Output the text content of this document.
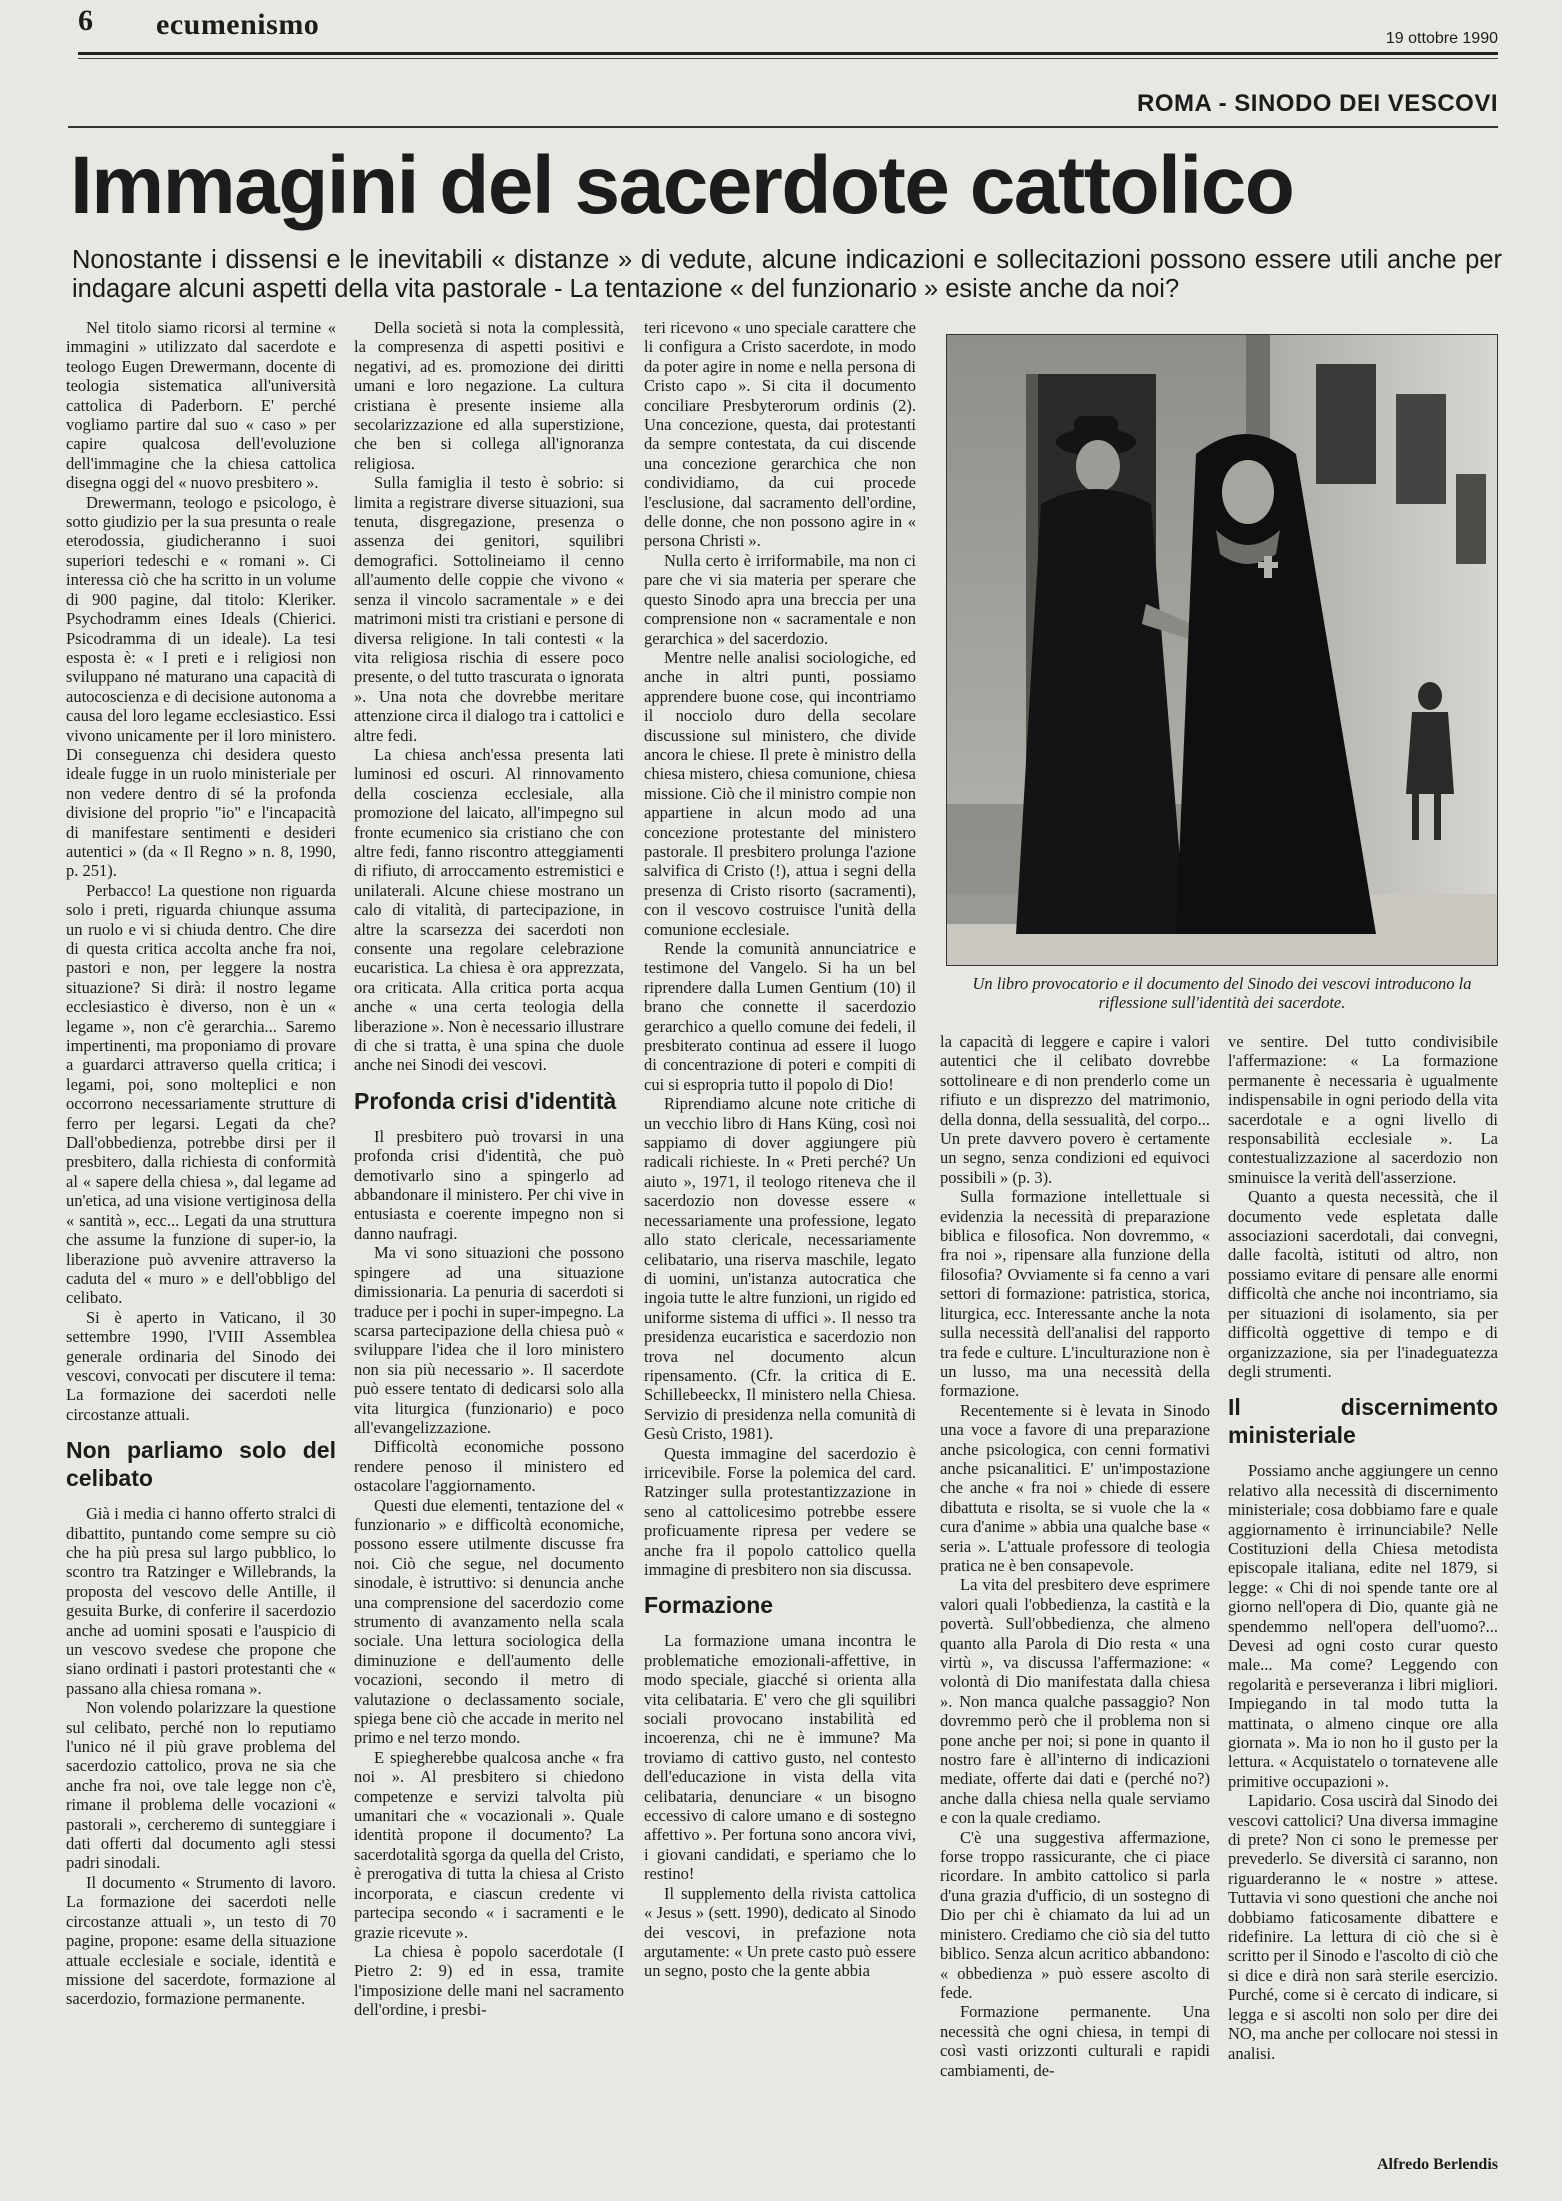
6 ecumenismo	19 ottobre 1990
ROMA - SINODO DEI VESCOVI
Immagini del sacerdote cattolico

Nonostante i dissensi e le inevitabili « distanze » di vedute, alcune indicazioni e sollecitazioni possono essere utili anche per indagare alcuni aspetti della vita pastorale - La tentazione « del funzionario » esiste anche da noi?

Nel titolo siamo ricorsi al termine « immagini » utilizzato dal sacerdote e teologo Eugen Drewermann, docente di teologia sistematica all'università cattolica di Paderborn. E' perché vogliamo partire dal suo « caso » per capire qualcosa dell'evoluzione dell'immagine che la chiesa cattolica disegna oggi del « nuovo presbitero ».

Drewermann, teologo e psicologo, è sotto giudizio per la sua presunta o reale eterodossia, giudicheranno i suoi superiori tedeschi e « romani ». Ci interessa ciò che ha scritto in un volume di 900 pagine, dal titolo: Kleriker. Psychodramm eines Ideals (Chierici. Psicodramma di un ideale). La tesi esposta è: « I preti e i religiosi non sviluppano né maturano una capacità di autocoscienza e di decisione autonoma a causa del loro legame ecclesiastico. Essi vivono unicamente per il loro ministero. Di conseguenza chi desidera questo ideale fugge in un ruolo ministeriale per non vedere dentro di sé la profonda divisione del proprio "io" e l'incapacità di manifestare sentimenti e desideri autentici » (da « Il Regno » n. 8, 1990, p. 251).

Perbacco! La questione non riguarda solo i preti, riguarda chiunque assuma un ruolo e vi si chiuda dentro. Che dire di questa critica accolta anche fra noi, pastori e non, per leggere la nostra situazione? Si dirà: il nostro legame ecclesiastico è diverso, non è un « legame », non c'è gerarchia... Saremo impertinenti, ma proponiamo di provare a guardarci attraverso quella critica; i legami, poi, sono molteplici e non occorrono necessariamente strutture di ferro per legarsi. Legati da che? Dall'obbedienza, potrebbe dirsi per il presbitero, dalla richiesta di conformità al « sapere della chiesa », dal legame ad un'etica, ad una visione vertiginosa della « santità », ecc... Legati da una struttura che assume la funzione di super-io, la liberazione può avvenire attraverso la caduta del « muro » e dell'obbligo del celibato.

Si è aperto in Vaticano, il 30 settembre 1990, l'VIII Assemblea generale ordinaria del Sinodo dei vescovi, convocati per discutere il tema: La formazione dei sacerdoti nelle circostanze attuali.

Non parliamo solo del celibato

Già i media ci hanno offerto stralci di dibattito, puntando come sempre su ciò che ha più presa sul largo pubblico, lo scontro tra Ratzinger e Willebrands, la proposta del vescovo delle Antille, il gesuita Burke, di conferire il sacerdozio anche ad uomini sposati e l'auspicio di un vescovo svedese che propone che siano ordinati i pastori protestanti che « passano alla chiesa romana ».

Non volendo polarizzare la questione sul celibato, perché non lo reputiamo l'unico né il più grave problema del sacerdozio cattolico, prova ne sia che anche fra noi, ove tale legge non c'è, rimane il problema delle vocazioni « pastorali », cercheremo di sunteggiare i dati offerti dal documento agli stessi padri sinodali.

Il documento « Strumento di lavoro. La formazione dei sacerdoti nelle circostanze attuali », un testo di 70 pagine, propone: esame della situazione attuale ecclesiale e sociale, identità e missione del sacerdote, formazione al sacerdozio, formazione permanente.

Della società si nota la complessità, la compresenza di aspetti positivi e negativi, ad es. promozione dei diritti umani e loro negazione. La cultura cristiana è presente insieme alla secolarizzazione ed alla superstizione, che ben si collega all'ignoranza religiosa.

Sulla famiglia il testo è sobrio: si limita a registrare diverse situazioni, sua tenuta, disgregazione, presenza o assenza dei genitori, squilibri demografici. Sottolineiamo il cenno all'aumento delle coppie che vivono « senza il vincolo sacramentale » e dei matrimoni misti tra cristiani e persone di diversa religione. In tali contesti « la vita religiosa rischia di essere poco presente, o del tutto trascurata o ignorata ». Una nota che dovrebbe meritare attenzione circa il dialogo tra i cattolici e altre fedi.

La chiesa anch'essa presenta lati luminosi ed oscuri. Al rinnovamento della coscienza ecclesiale, alla promozione del laicato, all'impegno sul fronte ecumenico sia cristiano che con altre fedi, fanno riscontro atteggiamenti di rifiuto, di arroccamento estremistici e unilaterali. Alcune chiese mostrano un calo di vitalità, di partecipazione, in altre la scarsezza dei sacerdoti non consente una regolare celebrazione eucaristica. La chiesa è ora apprezzata, ora criticata. Alla critica porta acqua anche « una certa teologia della liberazione ». Non è necessario illustrare di che si tratta, è una spina che duole anche nei Sinodi dei vescovi.

Profonda crisi d'identità

Il presbitero può trovarsi in una profonda crisi d'identità, che può demotivarlo sino a spingerlo ad abbandonare il ministero. Per chi vive in entusiasta e coerente impegno non si danno naufragi.

Ma vi sono situazioni che possono spingere ad una situazione dimissionaria. La penuria di sacerdoti si traduce per i pochi in super-impegno. La scarsa partecipazione della chiesa può « sviluppare l'idea che il loro ministero non sia più necessario ». Il sacerdote può essere tentato di dedicarsi solo alla vita liturgica (funzionario) e poco all'evangelizzazione.

Difficoltà economiche possono rendere penoso il ministero ed ostacolare l'aggiornamento.

Questi due elementi, tentazione del « funzionario » e difficoltà economiche, possono essere utilmente discusse fra noi. Ciò che segue, nel documento sinodale, è istruttivo: si denuncia anche una comprensione del sacerdozio come strumento di avanzamento nella scala sociale. Una lettura sociologica della diminuzione e dell'aumento delle vocazioni, secondo il metro di valutazione o declassamento sociale, spiega bene ciò che accade in merito nel primo e nel terzo mondo.

E spiegherebbe qualcosa anche « fra noi ». Al presbitero si chiedono competenze e servizi talvolta più umanitari che « vocazionali ». Quale identità propone il documento? La sacerdotalità sgorga da quella del Cristo, è prerogativa di tutta la chiesa al Cristo incorporata, e ciascun credente vi partecipa secondo « i sacramenti e le grazie ricevute ».

La chiesa è popolo sacerdotale (I Pietro 2: 9) ed in essa, tramite l'imposizione delle mani nel sacramento dell'ordine, i presbi-

teri ricevono « uno speciale carattere che li configura a Cristo sacerdote, in modo da poter agire in nome e nella persona di Cristo capo ». Si cita il documento conciliare Presbyterorum ordinis (2). Una concezione, questa, dai protestanti da sempre contestata, da cui discende una concezione gerarchica che non condividiamo, da cui procede l'esclusione, dal sacramento dell'ordine, delle donne, che non possono agire in « persona Christi ».

Nulla certo è irriformabile, ma non ci pare che vi sia materia per sperare che questo Sinodo apra una breccia per una comprensione non « sacramentale e non gerarchica » del sacerdozio.

Mentre nelle analisi sociologiche, ed anche in altri punti, possiamo apprendere buone cose, qui incontriamo il nocciolo duro della secolare discussione sul ministero, che divide ancora le chiese. Il prete è ministro della chiesa mistero, chiesa comunione, chiesa missione. Ciò che il ministro compie non appartiene in alcun modo ad una concezione protestante del ministero pastorale. Il presbitero prolunga l'azione salvifica di Cristo (!), attua i segni della presenza di Cristo risorto (sacramenti), con il vescovo costruisce l'unità della comunione ecclesiale.

Rende la comunità annunciatrice e testimone del Vangelo. Si ha un bel riprendere dalla Lumen Gentium (10) il brano che connette il sacerdozio gerarchico a quello comune dei fedeli, il presbiterato continua ad essere il luogo di concentrazione di poteri e compiti di cui si espropria tutto il popolo di Dio!

Riprendiamo alcune note critiche di un vecchio libro di Hans Küng, così noi sappiamo di dover aggiungere più radicali richieste. In « Preti perché? Un aiuto », 1971, il teologo riteneva che il sacerdozio non dovesse essere « necessariamente una professione, legato allo stato clericale, necessariamente celibatario, una riserva maschile, legato di uomini, un'istanza autocratica che ingoia tutte le altre funzioni, un rigido ed uniforme sistema di uffici ». Il nesso tra presidenza eucaristica e sacerdozio non trova nel documento alcun ripensamento. (Cfr. la critica di E. Schillebeeckx, Il ministero nella Chiesa. Servizio di presidenza nella comunità di Gesù Cristo, 1981).

Questa immagine del sacerdozio è irricevibile. Forse la polemica del card. Ratzinger sulla protestantizzazione in seno al cattolicesimo potrebbe essere proficuamente ripresa per vedere se anche fra il popolo cattolico quella immagine di presbitero non sia discussa.

Formazione

La formazione umana incontra le problematiche emozionali-affettive, in modo speciale, giacché si orienta alla vita celibataria. E' vero che gli squilibri sociali provocano instabilità ed incoerenza, chi ne è immune? Ma troviamo di cattivo gusto, nel contesto dell'educazione in vista della vita celibataria, denunciare « un bisogno eccessivo di calore umano e di sostegno affettivo ». Per fortuna sono ancora vivi, i giovani candidati, e speriamo che lo restino!

Il supplemento della rivista cattolica « Jesus » (sett. 1990), dedicato al Sinodo dei vescovi, in prefazione nota argutamente: « Un prete casto può essere un segno, posto che la gente abbia

Un libro provocatorio e il documento del Sinodo dei vescovi introducono la riflessione sull'identità dei sacerdote.

la capacità di leggere e capire i valori autentici che il celibato dovrebbe sottolineare e di non prenderlo come un rifiuto e un disprezzo del matrimonio, della donna, della sessualità, del corpo... Un prete davvero povero è certamente un segno, senza condizioni ed equivoci possibili » (p. 3).

Sulla formazione intellettuale si evidenzia la necessità di preparazione biblica e filosofica. Non dovremmo, « fra noi », ripensare alla funzione della filosofia? Ovviamente si fa cenno a vari settori di formazione: patristica, storica, liturgica, ecc. Interessante anche la nota sulla necessità dell'analisi del rapporto tra fede e culture. L'inculturazione non è un lusso, ma una necessità della formazione.

Recentemente si è levata in Sinodo una voce a favore di una preparazione anche psicologica, con cenni formativi anche psicanalitici. E' un'impostazione che anche « fra noi » chiede di essere dibattuta e risolta, se si vuole che la « cura d'anime » abbia una qualche base « seria ». L'attuale professore di teologia pratica ne è ben consapevole.

La vita del presbitero deve esprimere valori quali l'obbedienza, la castità e la povertà. Sull'obbedienza, che almeno quanto alla Parola di Dio resta « una virtù », va discussa l'affermazione: « volontà di Dio manifestata dalla chiesa ». Non manca qualche passaggio? Non dovremmo però che il problema non si pone anche per noi; si pone in quanto il nostro fare è all'interno di indicazioni mediate, offerte dai dati e (perché no?) anche dalla chiesa nella quale serviamo e con la quale crediamo.

C'è una suggestiva affermazione, forse troppo rassicurante, che ci piace ricordare. In ambito cattolico si parla d'una grazia d'ufficio, di un sostegno di Dio per chi è chiamato da lui ad un ministero. Crediamo che ciò sia del tutto biblico. Senza alcun acritico abbandono: « obbedienza » può essere ascolto di fede.

Formazione permanente. Una necessità che ogni chiesa, in tempi di così vasti orizzonti culturali e rapidi cambiamenti, de-

ve sentire. Del tutto condivisibile l'affermazione: « La formazione permanente è necessaria è ugualmente indispensabile in ogni periodo della vita sacerdotale e a ogni livello di responsabilità ecclesiale ». La contestualizzazione al sacerdozio non sminuisce la verità dell'asserzione.

Quanto a questa necessità, che il documento vede espletata dalle associazioni sacerdotali, dai convegni, dalle facoltà, istituti od altro, non possiamo evitare di pensare alle enormi difficoltà che anche noi incontriamo, sia per situazioni di isolamento, sia per difficoltà oggettive di tempo e di organizzazione, sia per l'inadeguatezza degli strumenti.

Il discernimento ministeriale

Possiamo anche aggiungere un cenno relativo alla necessità di discernimento ministeriale; cosa dobbiamo fare e quale aggiornamento è irrinunciabile? Nelle Costituzioni della Chiesa metodista episcopale italiana, edite nel 1879, si legge: « Chi di noi spende tante ore al giorno nell'opera di Dio, quante già ne spendemmo nell'opera dell'uomo?... Devesi ad ogni costo curar questo male... Ma come? Leggendo con regolarità e perseveranza i libri migliori. Impiegando in tal modo tutta la mattinata, o almeno cinque ore alla giornata ». Ma io non ho il gusto per la lettura. « Acquistatelo o tornatevene alle primitive occupazioni ».

Lapidario. Cosa uscirà dal Sinodo dei vescovi cattolici? Una diversa immagine di prete? Non ci sono le premesse per prevederlo. Se diversità ci saranno, non riguarderanno le « nostre » attese. Tuttavia vi sono questioni che anche noi dobbiamo faticosamente dibattere e ridefinire. La lettura di ciò che si è scritto per il Sinodo e l'ascolto di ciò che si dice e dirà non sarà sterile esercizio. Purché, come si è cercato di indicare, si legga e si ascolti non solo per dire dei NO, ma anche per collocare noi stessi in analisi.

Alfredo Berlendis
